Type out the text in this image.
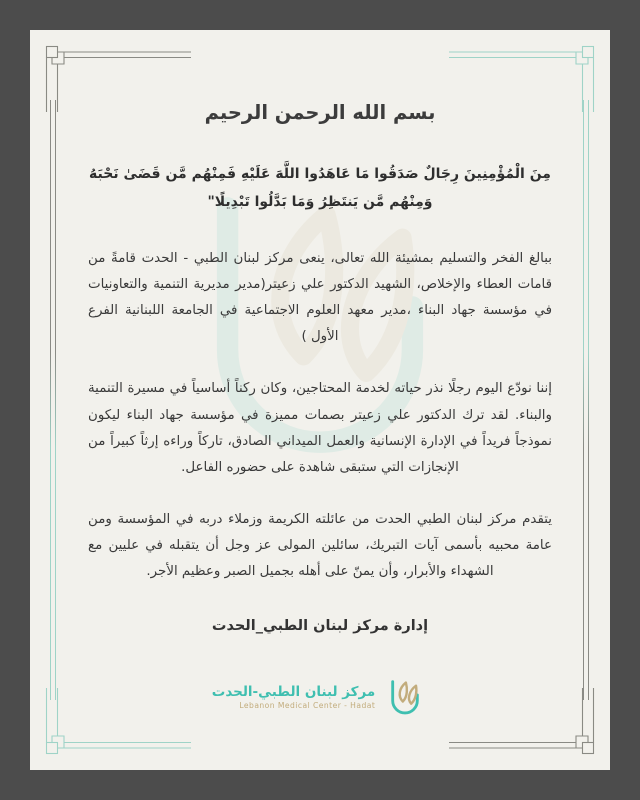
بسم الله الرحمن الرحيم
مِنَ الْمُؤْمِنِينَ رِجَالٌ صَدَقُوا مَا عَاهَدُوا اللَّهَ عَلَيْهِ فَمِنْهُم مَّن قَضَىٰ نَحْبَهُ وَمِنْهُم مَّن يَنتَظِرُ وَمَا بَدَّلُوا تَبْدِيلًا"

ببالغ الفخر والتسليم بمشيئة الله تعالى، ينعى مركز لبنان الطبي - الحدت قامةً من قامات العطاء والإخلاص، الشهيد الدكتور علي زعيتر(مدير مديرية التنمية والتعاونيات في مؤسسة جهاد البناء ،مدير معهد العلوم الاجتماعية في الجامعة اللبنانية الفرع الأول )

إننا نودّع اليوم رجلًا نذر حياته لخدمة المحتاجين، وكان ركناً أساسياً في مسيرة التنمية والبناء. لقد ترك الدكتور علي زعيتر بصمات مميزة في مؤسسة جهاد البناء ليكون نموذجاً فريداً في الإدارة الإنسانية والعمل الميداني الصادق، تاركاً وراءه إرثاً كبيراً من الإنجازات التي ستبقى شاهدة على حضوره الفاعل.

يتقدم مركز لبنان الطبي الحدت من عائلته الكريمة وزملاء دربه في المؤسسة ومن عامة محبيه بأسمى آيات التبريك، سائلين المولى عز وجل أن يتقبله في عليين مع الشهداء والأبرار، وأن يمنّ على أهله بجميل الصبر وعظيم الأجر.

إدارة مركز لبنان الطبي_الحدت
مركز لبنان الطبي-الحدت
Lebanon Medical Center - Hadat
